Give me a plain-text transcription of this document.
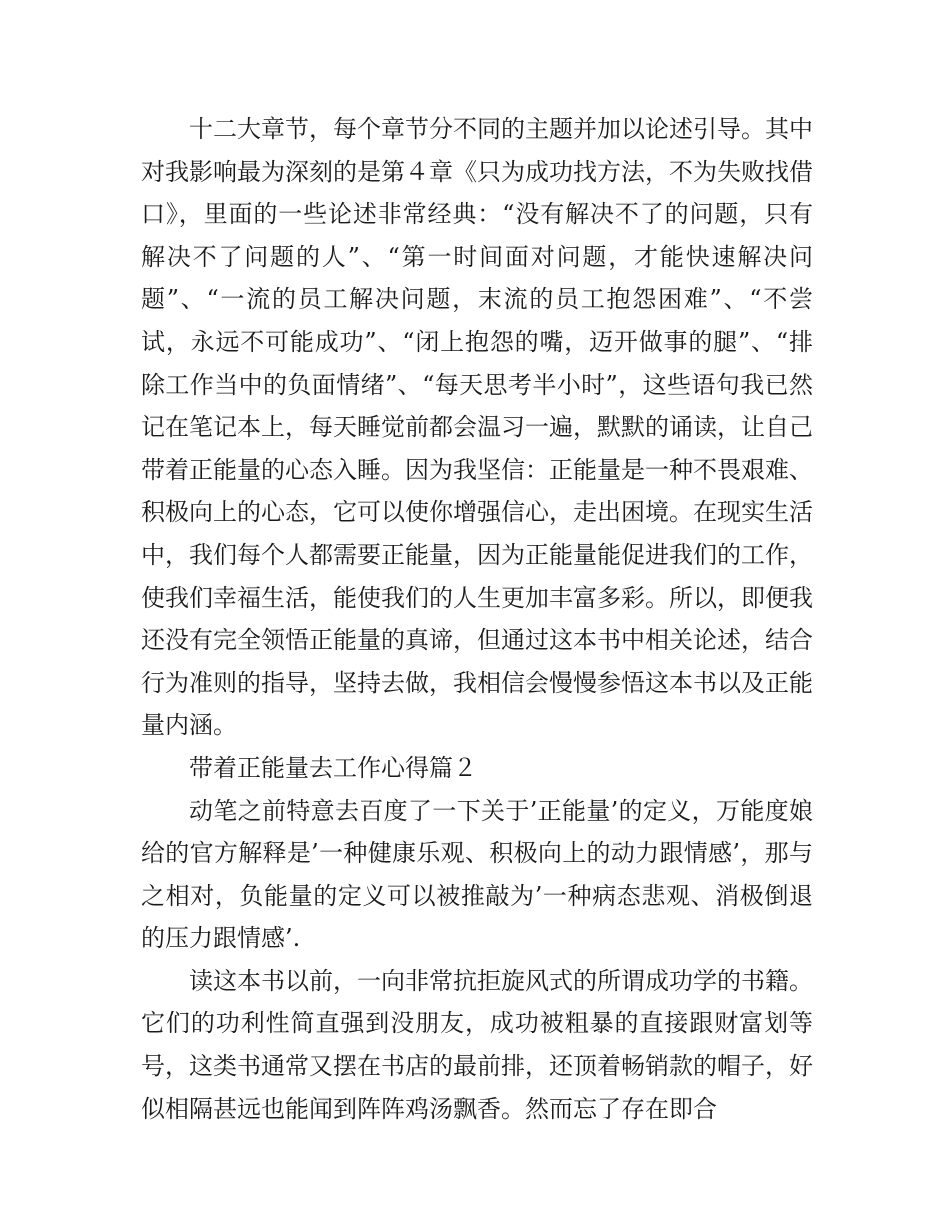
十二大章节，每个章节分不同的主题并加以论述引导。其中对我影响最为深刻的是第４章《只为成功找方法，不为失败找借口》，里面的一些论述非常经典：“没有解决不了的问题，只有解决不了问题的人”、“第一时间面对问题，才能快速解决问题”、“一流的员工解决问题，末流的员工抱怨困难”、“不尝试，永远不可能成功”、“闭上抱怨的嘴，迈开做事的腿”、“排除工作当中的负面情绪”、“每天思考半小时”，这些语句我已然记在笔记本上，每天睡觉前都会温习一遍，默默的诵读，让自己带着正能量的心态入睡。因为我坚信：正能量是一种不畏艰难、积极向上的心态，它可以使你增强信心，走出困境。在现实生活中，我们每个人都需要正能量，因为正能量能促进我们的工作，使我们幸福生活，能使我们的人生更加丰富多彩。所以，即便我还没有完全领悟正能量的真谛，但通过这本书中相关论述，结合行为准则的指导，坚持去做，我相信会慢慢参悟这本书以及正能量内涵。

带着正能量去工作心得篇２

动笔之前特意去百度了一下关于’正能量’的定义，万能度娘给的官方解释是’一种健康乐观、积极向上的动力跟情感’，那与之相对，负能量的定义可以被推敲为’一种病态悲观、消极倒退的压力跟情感’.

读这本书以前，一向非常抗拒旋风式的所谓成功学的书籍。它们的功利性简直强到没朋友，成功被粗暴的直接跟财富划等号，这类书通常又摆在书店的最前排，还顶着畅销款的帽子，好似相隔甚远也能闻到阵阵鸡汤飘香。然而忘了存在即合
